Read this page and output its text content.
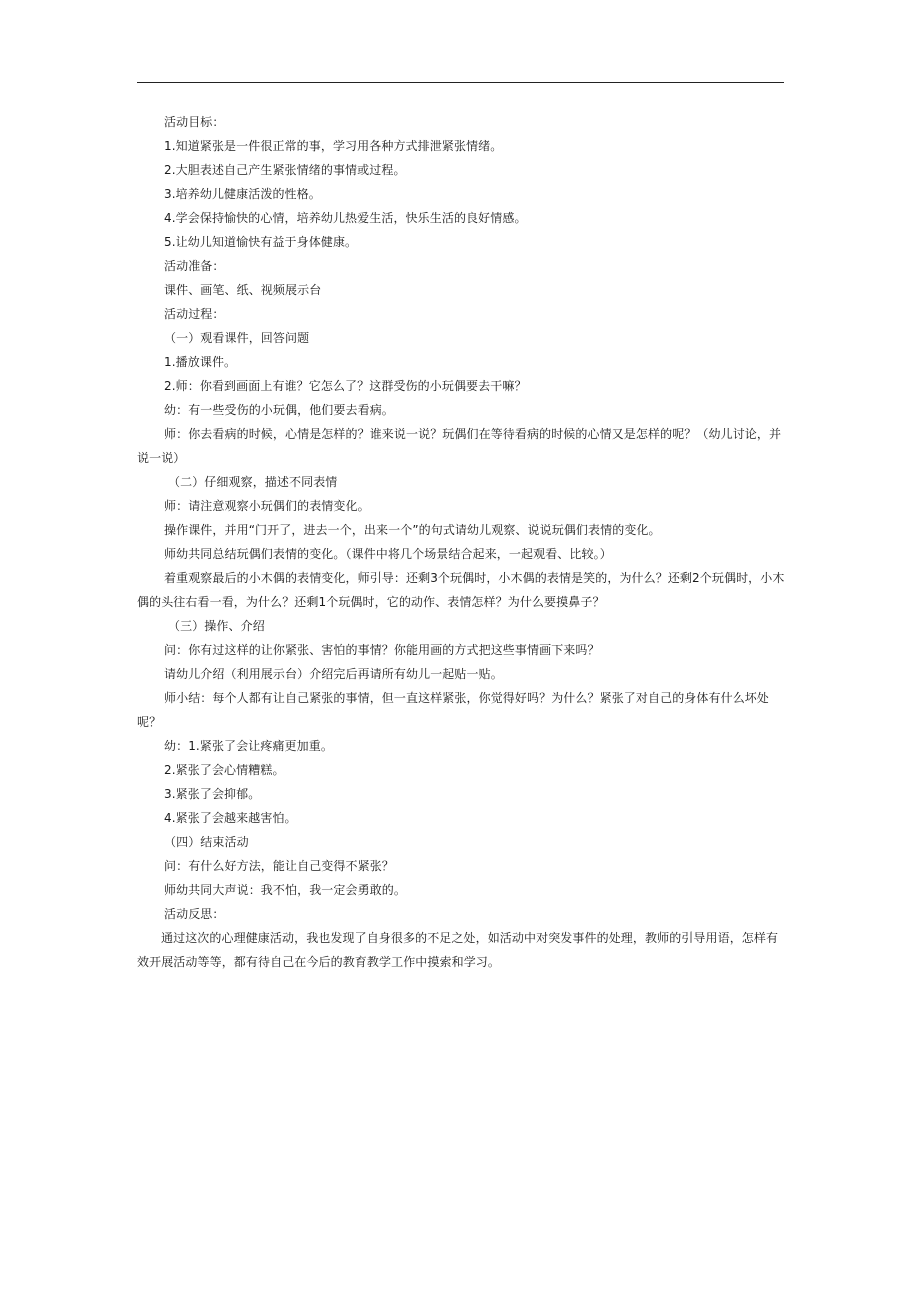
活动目标：

1.知道紧张是一件很正常的事，学习用各种方式排泄紧张情绪。

2.大胆表述自己产生紧张情绪的事情或过程。

3.培养幼儿健康活泼的性格。

4.学会保持愉快的心情，培养幼儿热爱生活，快乐生活的良好情感。

5.让幼儿知道愉快有益于身体健康。

活动准备：

课件、画笔、纸、视频展示台

活动过程：

（一）观看课件，回答问题

1.播放课件。

2.师：你看到画面上有谁？它怎么了？这群受伤的小玩偶要去干嘛？

幼：有一些受伤的小玩偶，他们要去看病。

师：你去看病的时候，心情是怎样的？谁来说一说？玩偶们在等待看病的时候的心情又是怎样的呢？（幼儿讨论，并说一说）

（二）仔细观察，描述不同表情

师：请注意观察小玩偶们的表情变化。

操作课件，并用“门开了，进去一个，出来一个”的句式请幼儿观察、说说玩偶们表情的变化。

师幼共同总结玩偶们表情的变化。（课件中将几个场景结合起来，一起观看、比较。）

着重观察最后的小木偶的表情变化，师引导：还剩3个玩偶时，小木偶的表情是笑的，为什么？还剩2个玩偶时，小木偶的头往右看一看，为什么？还剩1个玩偶时，它的动作、表情怎样？为什么要摸鼻子？

（三）操作、介绍

问：你有过这样的让你紧张、害怕的事情？你能用画的方式把这些事情画下来吗？

请幼儿介绍（利用展示台）介绍完后再请所有幼儿一起贴一贴。

师小结：每个人都有让自己紧张的事情，但一直这样紧张，你觉得好吗？为什么？紧张了对自己的身体有什么坏处呢？

幼：1.紧张了会让疼痛更加重。

2.紧张了会心情糟糕。

3.紧张了会抑郁。

4.紧张了会越来越害怕。

（四）结束活动

问：有什么好方法，能让自己变得不紧张？

师幼共同大声说：我不怕，我一定会勇敢的。

活动反思：

通过这次的心理健康活动，我也发现了自身很多的不足之处，如活动中对突发事件的处理，教师的引导用语，怎样有效开展活动等等，都有待自己在今后的教育教学工作中摸索和学习。
